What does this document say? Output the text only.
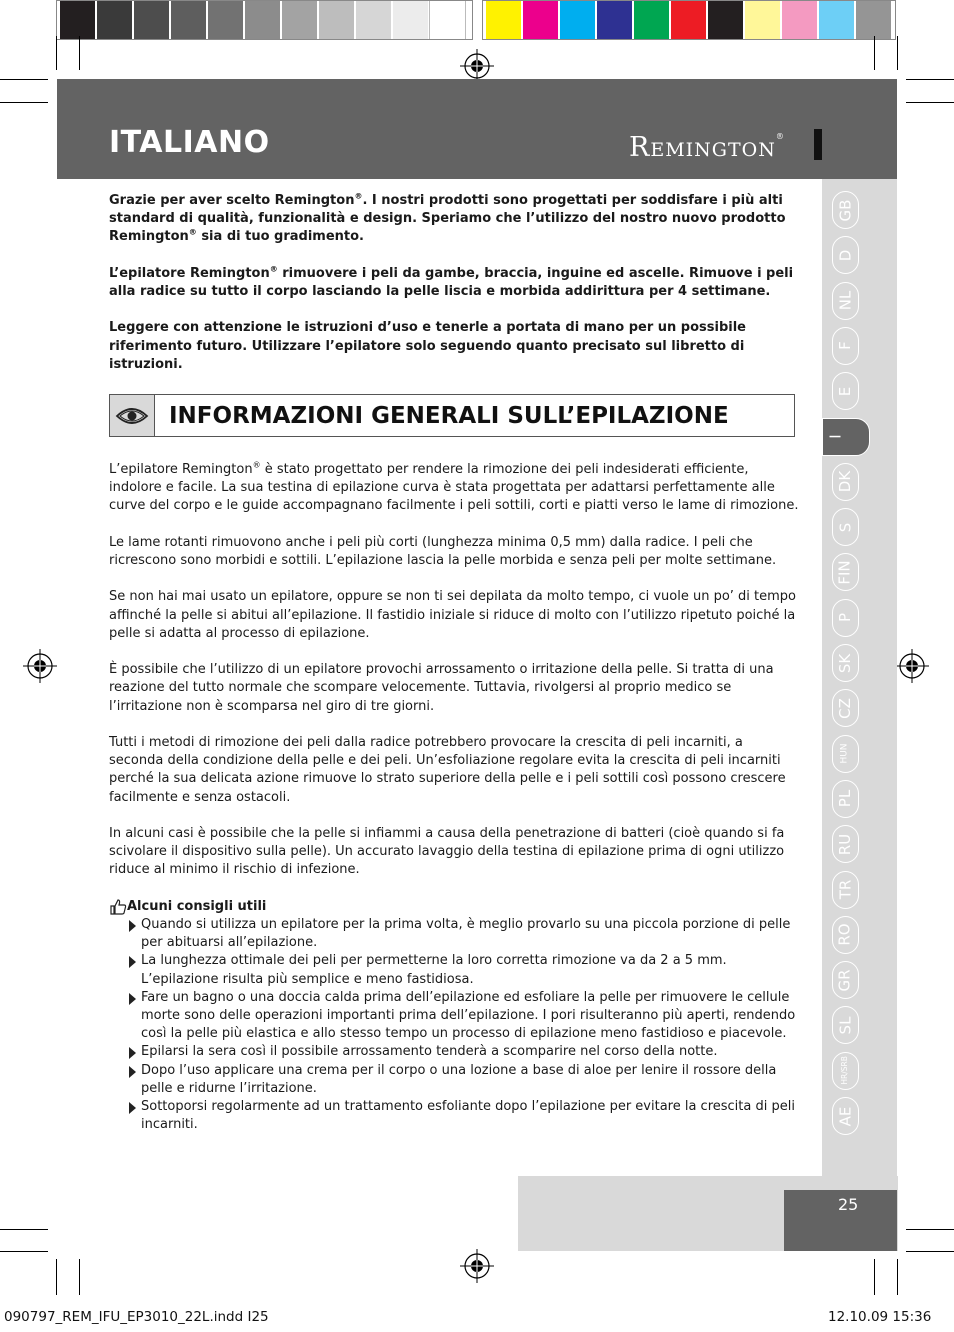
ITALIANO	REMINGTON®
GB
D
NL
F
E
I
DK
S
FIN
P
SK
CZ
HUN
PL
RU
TR
RO
GR
SL
HR/SRB
AE

Grazie per aver scelto Remington®. I nostri prodotti sono progettati per soddisfare i più alti standard di qualità, funzionalità e design. Speriamo che l’utilizzo del nostro nuovo prodotto Remington® sia di tuo gradimento.

L’epilatore Remington® rimuovere i peli da gambe, braccia, inguine ed ascelle. Rimuove i peli alla radice su tutto il corpo lasciando la pelle liscia e morbida addirittura per 4 settimane.

Leggere con attenzione le istruzioni d’uso e tenerle a portata di mano per un possibile riferimento futuro. Utilizzare l’epilatore solo seguendo quanto precisato sul libretto di istruzioni.

INFORMAZIONI GENERALI SULL’EPILAZIONE

L’epilatore Remington® è stato progettato per rendere la rimozione dei peli indesiderati efficiente, indolore e facile. La sua testina di epilazione curva è stata progettata per adattarsi perfettamente alle curve del corpo e le guide accompagnano facilmente i peli sottili, corti e piatti verso le lame di rimozione.

Le lame rotanti rimuovono anche i peli più corti (lunghezza minima 0,5 mm) dalla radice. I peli che ricrescono sono morbidi e sottili. L’epilazione lascia la pelle morbida e senza peli per molte settimane.

Se non hai mai usato un epilatore, oppure se non ti sei depilata da molto tempo, ci vuole un po’ di tempo affinché la pelle si abitui all’epilazione. Il fastidio iniziale si riduce di molto con l’utilizzo ripetuto poiché la pelle si adatta al processo di epilazione.

È possibile che l’utilizzo di un epilatore provochi arrossamento o irritazione della pelle. Si tratta di una reazione del tutto normale che scompare velocemente. Tuttavia, rivolgersi al proprio medico se l’irritazione non è scomparsa nel giro di tre giorni.

Tutti i metodi di rimozione dei peli dalla radice potrebbero provocare la crescita di peli incarniti, a seconda della condizione della pelle e dei peli. Un’esfoliazione regolare evita la crescita di peli incarniti perché la sua delicata azione rimuove lo strato superiore della pelle e i peli sottili così possono crescere facilmente e senza ostacoli.

In alcuni casi è possibile che la pelle si infiammi a causa della penetrazione di batteri (cioè quando si fa scivolare il dispositivo sulla pelle). Un accurato lavaggio della testina di epilazione prima di ogni utilizzo riduce al minimo il rischio di infezione.

Alcuni consigli utili
Quando si utilizza un epilatore per la prima volta, è meglio provarlo su una piccola porzione di pelle per abituarsi all’epilazione.
La lunghezza ottimale dei peli per permetterne la loro corretta rimozione va da 2 a 5 mm. L’epilazione risulta più semplice e meno fastidiosa.
Fare un bagno o una doccia calda prima dell’epilazione ed esfoliare la pelle per rimuovere le cellule morte sono delle operazioni importanti prima dell’epilazione. I pori risulteranno più aperti, rendendo così la pelle più elastica e allo stesso tempo un processo di epilazione meno fastidioso e piacevole.
Epilarsi la sera così il possibile arrossamento tenderà a scomparire nel corso della notte.
Dopo l’uso applicare una crema per il corpo o una lozione a base di aloe per lenire il rossore della pelle e ridurne l’irritazione.
Sottoporsi regolarmente ad un trattamento esfoliante dopo l’epilazione per evitare la crescita di peli incarniti.
25
090797_REM_IFU_EP3010_22L.indd I25	12.10.09 15:36
